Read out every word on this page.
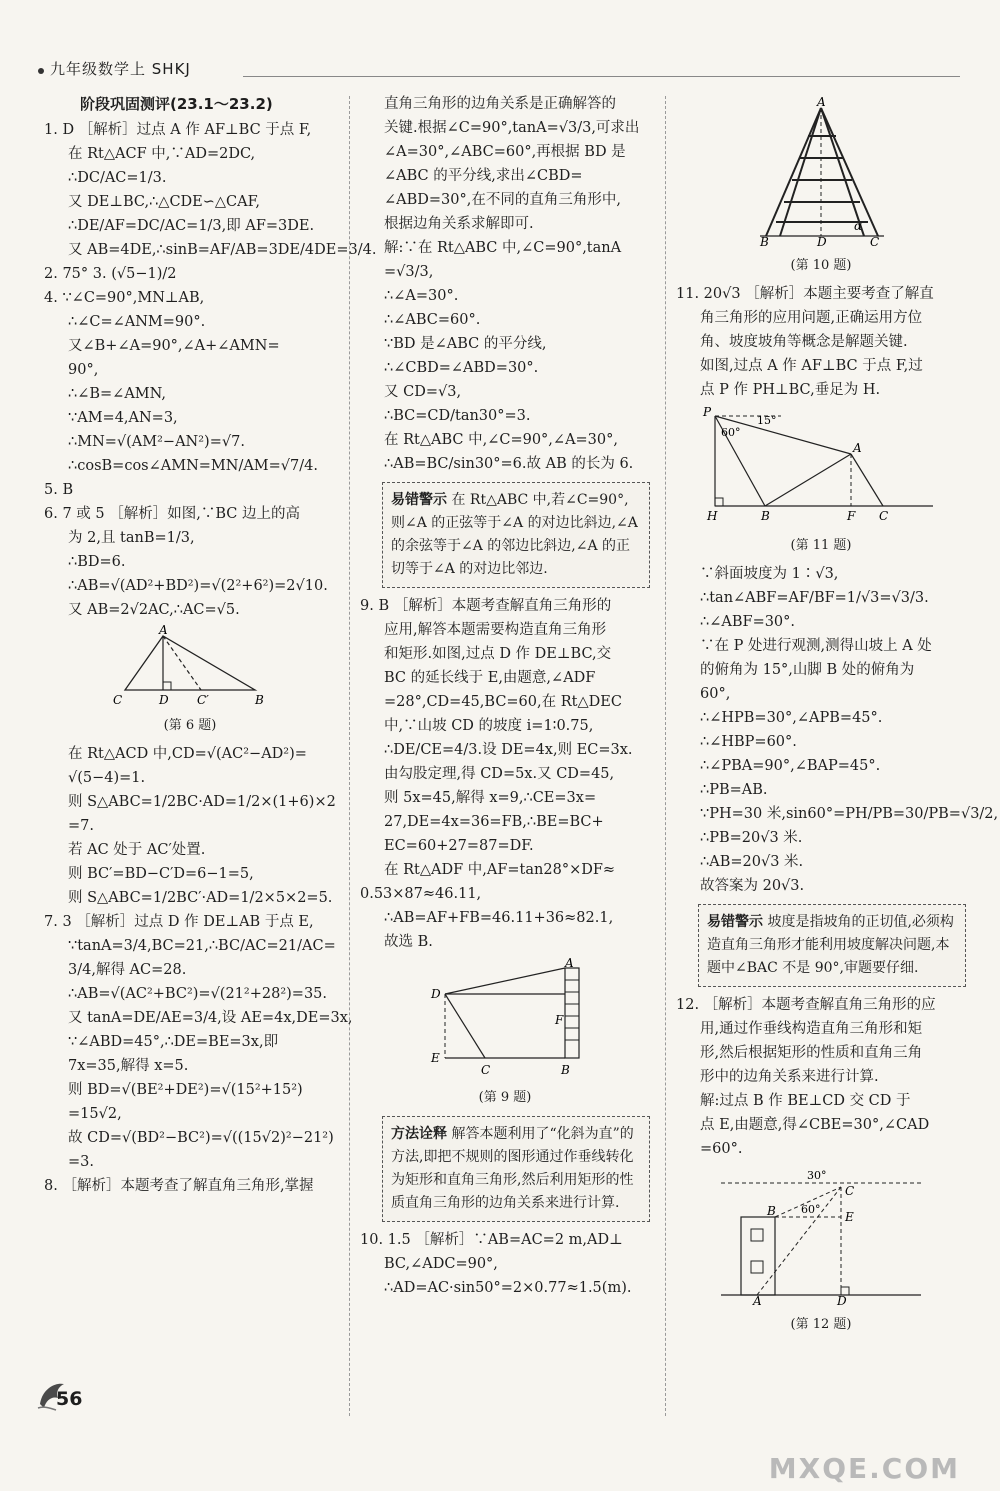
九年级数学上 SHKJ
阶段巩固测评(23.1～23.2)
1. D ［解析］过点 A 作 AF⊥BC 于点 F,
在 Rt△ACF 中,∵AD=2DC,
∴DC/AC=1/3.
又 DE⊥BC,∴△CDE∽△CAF,
∴DE/AF=DC/AC=1/3,即 AF=3DE.
又 AB=4DE,∴sinB=AF/AB=3DE/4DE=3/4.
2. 75° 3. (√5−1)/2
4. ∵∠C=90°,MN⊥AB,
∴∠C=∠ANM=90°.
又∠B+∠A=90°,∠A+∠AMN=
90°,
∴∠B=∠AMN,
∵AM=4,AN=3,
∴MN=√(AM²−AN²)=√7.
∴cosB=cos∠AMN=MN/AM=√7/4.
5. B
6. 7 或 5 ［解析］如图,∵BC 边上的高
为 2,且 tanB=1/3,
∴BD=6.
∴AB=√(AD²+BD²)=√(2²+6²)=2√10.
又 AB=2√2AC,∴AC=√5.
A
C	D C′	B
(第 6 题)
在 Rt△ACD 中,CD=√(AC²−AD²)=
√(5−4)=1.
则 S△ABC=1/2BC·AD=1/2×(1+6)×2
=7.
若 AC 处于 AC′处置.
则 BC′=BD−C′D=6−1=5,
则 S△ABC=1/2BC′·AD=1/2×5×2=5.
7. 3 ［解析］过点 D 作 DE⊥AB 于点 E,
∵tanA=3/4,BC=21,∴BC/AC=21/AC=
3/4,解得 AC=28.
∴AB=√(AC²+BC²)=√(21²+28²)=35.
又 tanA=DE/AE=3/4,设 AE=4x,DE=3x,
∵∠ABD=45°,∴DE=BE=3x,即
7x=35,解得 x=5.
则 BD=√(BE²+DE²)=√(15²+15²)
=15√2,
故 CD=√(BD²−BC²)=√((15√2)²−21²)
=3.
8. ［解析］本题考查了解直角三角形,掌握
直角三角形的边角关系是正确解答的
关键.根据∠C=90°,tanA=√3/3,可求出
∠A=30°,∠ABC=60°,再根据 BD 是
∠ABC 的平分线,求出∠CBD=
∠ABD=30°,在不同的直角三角形中,
根据边角关系求解即可.
解:∵在 Rt△ABC 中,∠C=90°,tanA
=√3/3,
∴∠A=30°.
∴∠ABC=60°.
∵BD 是∠ABC 的平分线,
∴∠CBD=∠ABD=30°.
又 CD=√3,
∴BC=CD/tan30°=3.
在 Rt△ABC 中,∠C=90°,∠A=30°,
∴AB=BC/sin30°=6.故 AB 的长为 6.
易错警示 在 Rt△ABC 中,若∠C=90°,则∠A 的正弦等于∠A 的对边比斜边,∠A 的余弦等于∠A 的邻边比斜边,∠A 的正切等于∠A 的对边比邻边.
9. B ［解析］本题考查解直角三角形的
应用,解答本题需要构造直角三角形
和矩形.如图,过点 D 作 DE⊥BC,交
BC 的延长线于 E,由题意,∠ADF
=28°,CD=45,BC=60,在 Rt△DEC
中,∵山坡 CD 的坡度 i=1∶0.75,
∴DE/CE=4/3.设 DE=4x,则 EC=3x.
由勾股定理,得 CD=5x.又 CD=45,
则 5x=45,解得 x=9,∴CE=3x=
27,DE=4x=36=FB,∴BE=BC+
EC=60+27=87=DF.
在 Rt△ADF 中,AF=tan28°×DF≈
0.53×87≈46.11,
∴AB=AF+FB=46.11+36≈82.1,
故选 B.
A
D
F
E
C	B
(第 9 题)
方法诠释 解答本题利用了“化斜为直”的方法,即把不规则的图形通过作垂线转化为矩形和直角三角形,然后利用矩形的性质直角三角形的边角关系来进行计算.
10. 1.5 ［解析］∵AB=AC=2 m,AD⊥
BC,∠ADC=90°,
∴AD=AC·sin50°=2×0.77≈1.5(m).
A
B	D	C
α
(第 10 题)
11. 20√3 ［解析］本题主要考查了解直
角三角形的应用问题,正确运用方位
角、坡度坡角等概念是解题关键.
如图,过点 A 作 AF⊥BC 于点 F,过
点 P 作 PH⊥BC,垂足为 H.
P
15°
60°
A
H	B	F C
(第 11 题)
∵斜面坡度为 1∶√3,
∴tan∠ABF=AF/BF=1/√3=√3/3.
∴∠ABF=30°.
∵在 P 处进行观测,测得山坡上 A 处
的俯角为 15°,山脚 B 处的俯角为
60°,
∴∠HPB=30°,∠APB=45°.
∴∠HBP=60°.
∴∠PBA=90°,∠BAP=45°.
∴PB=AB.
∵PH=30 米,sin60°=PH/PB=30/PB=√3/2,
∴PB=20√3 米.
∴AB=20√3 米.
故答案为 20√3.
易错警示 坡度是指坡角的正切值,必须构造直角三角形才能利用坡度解决问题,本题中∠BAC 不是 90°,审题要仔细.
12. ［解析］本题考查解直角三角形的应
用,通过作垂线构造直角三角形和矩
形,然后根据矩形的性质和直角三角
形中的边角关系来进行计算.
解:过点 B 作 BE⊥CD 交 CD 于
点 E,由题意,得∠CBE=30°,∠CAD
=60°.
30°
C
B 60°
E
A	D
(第 12 题)
56
MXQE.COM
